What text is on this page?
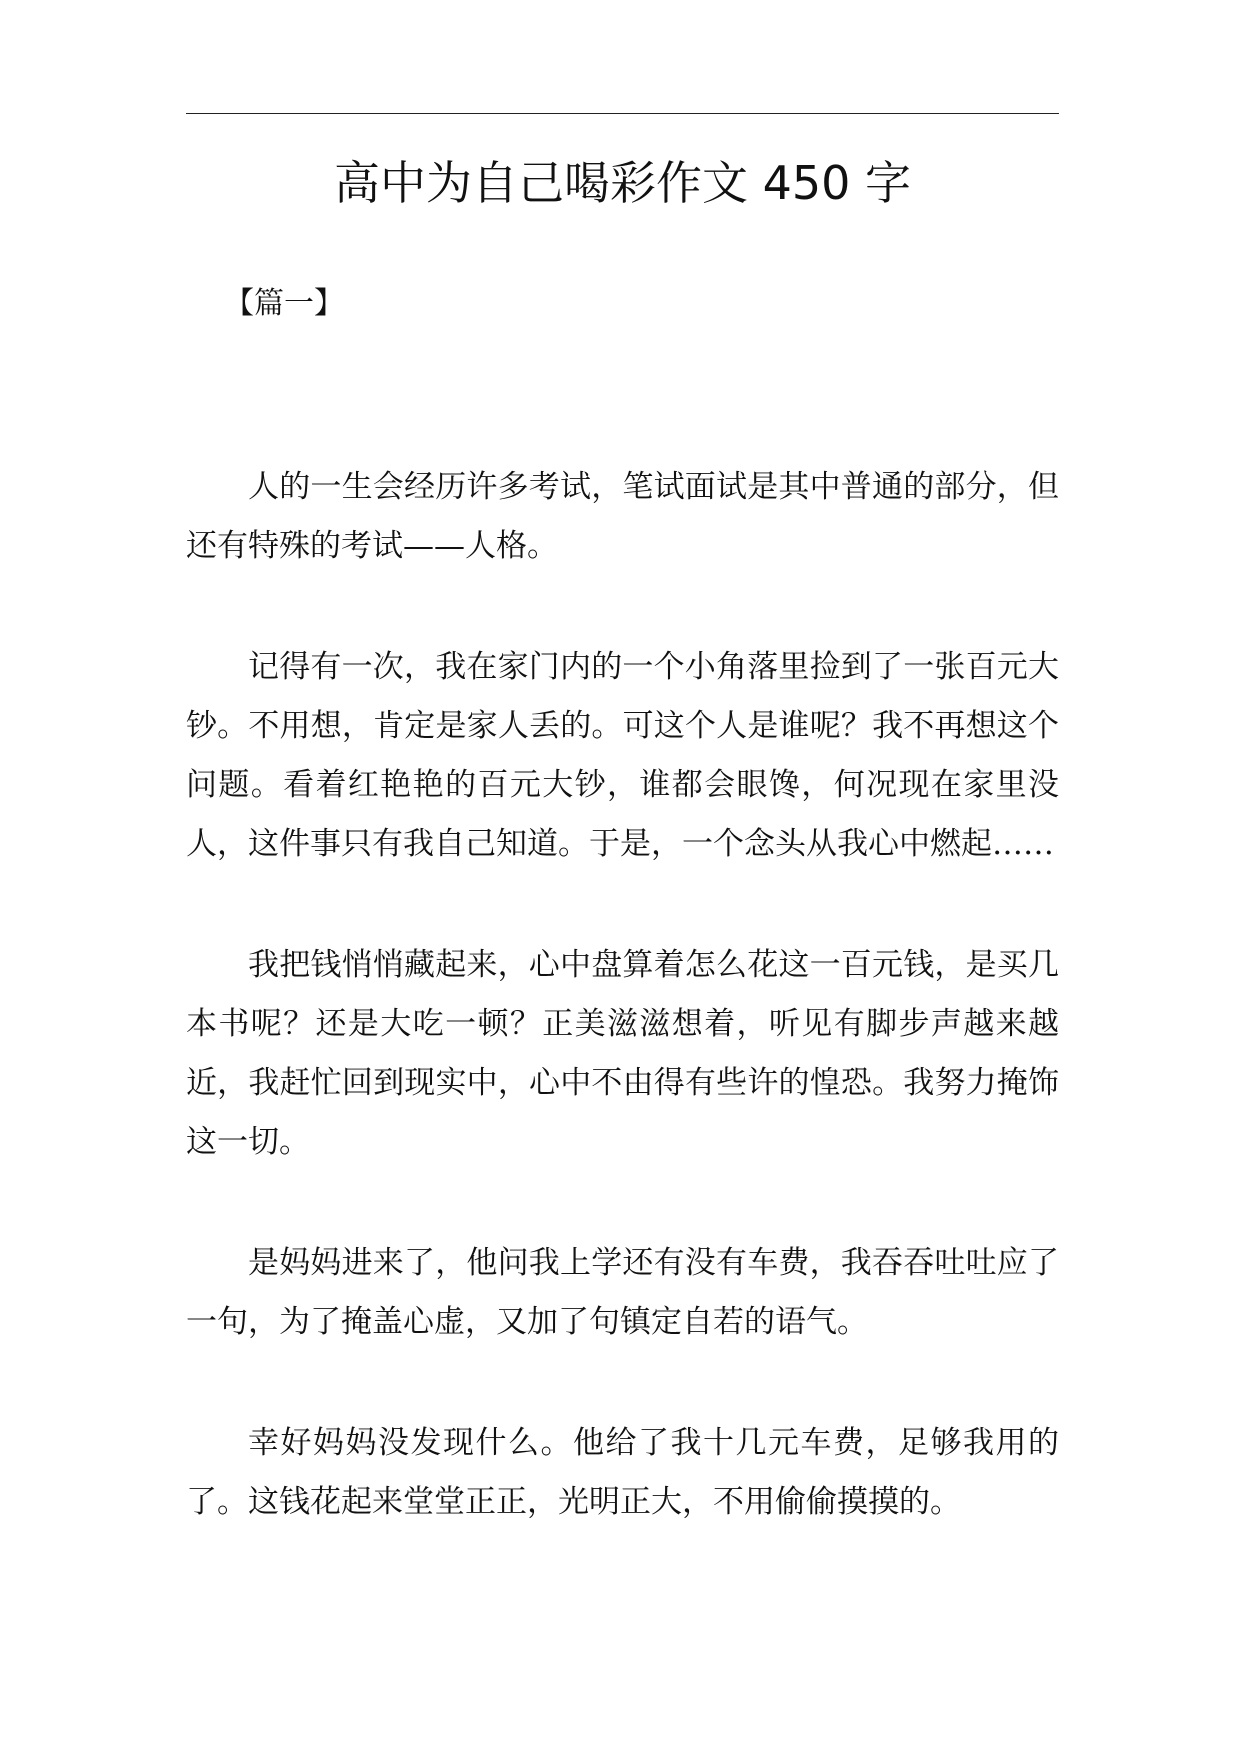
高中为自己喝彩作文 450 字
【篇一】

人的一生会经历许多考试，笔试面试是其中普通的部分，但还有特殊的考试——人格。

记得有一次，我在家门内的一个小角落里捡到了一张百元大钞。不用想，肯定是家人丢的。可这个人是谁呢？我不再想这个问题。看着红艳艳的百元大钞，谁都会眼馋，何况现在家里没人，这件事只有我自己知道。于是，一个念头从我心中燃起……

我把钱悄悄藏起来，心中盘算着怎么花这一百元钱，是买几本书呢？还是大吃一顿？正美滋滋想着，听见有脚步声越来越近，我赶忙回到现实中，心中不由得有些许的惶恐。我努力掩饰这一切。

是妈妈进来了，他问我上学还有没有车费，我吞吞吐吐应了一句，为了掩盖心虚，又加了句镇定自若的语气。

幸好妈妈没发现什么。他给了我十几元车费，足够我用的了。这钱花起来堂堂正正，光明正大，不用偷偷摸摸的。
